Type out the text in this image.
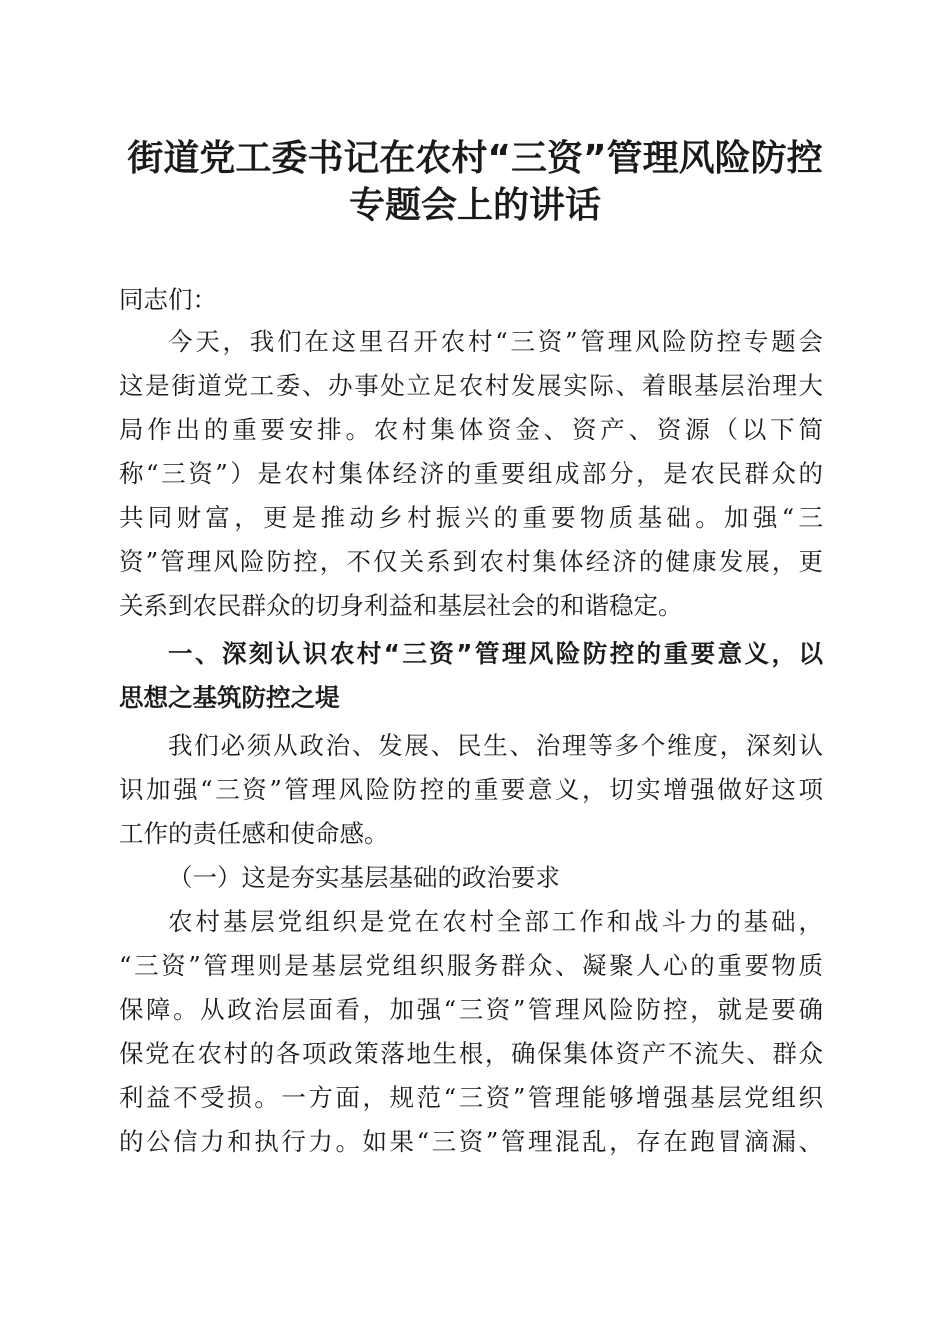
街道党工委书记在农村“三资”管理风险防控
专题会上的讲话
同志们：
今天，我们在这里召开农村“三资”管理风险防控专题会
这是街道党工委、办事处立足农村发展实际、着眼基层治理大
局作出的重要安排。农村集体资金、资产、资源（以下简
称“三资”）是农村集体经济的重要组成部分，是农民群众的
共同财富，更是推动乡村振兴的重要物质基础。加强“三
资”管理风险防控，不仅关系到农村集体经济的健康发展，更
关系到农民群众的切身利益和基层社会的和谐稳定。
一、深刻认识农村“三资”管理风险防控的重要意义，以
思想之基筑防控之堤
我们必须从政治、发展、民生、治理等多个维度，深刻认
识加强“三资”管理风险防控的重要意义，切实增强做好这项
工作的责任感和使命感。
（一）这是夯实基层基础的政治要求
农村基层党组织是党在农村全部工作和战斗力的基础，
“三资”管理则是基层党组织服务群众、凝聚人心的重要物质
保障。从政治层面看，加强“三资”管理风险防控，就是要确
保党在农村的各项政策落地生根，确保集体资产不流失、群众
利益不受损。一方面，规范“三资”管理能够增强基层党组织
的公信力和执行力。如果“三资”管理混乱，存在跑冒滴漏、
